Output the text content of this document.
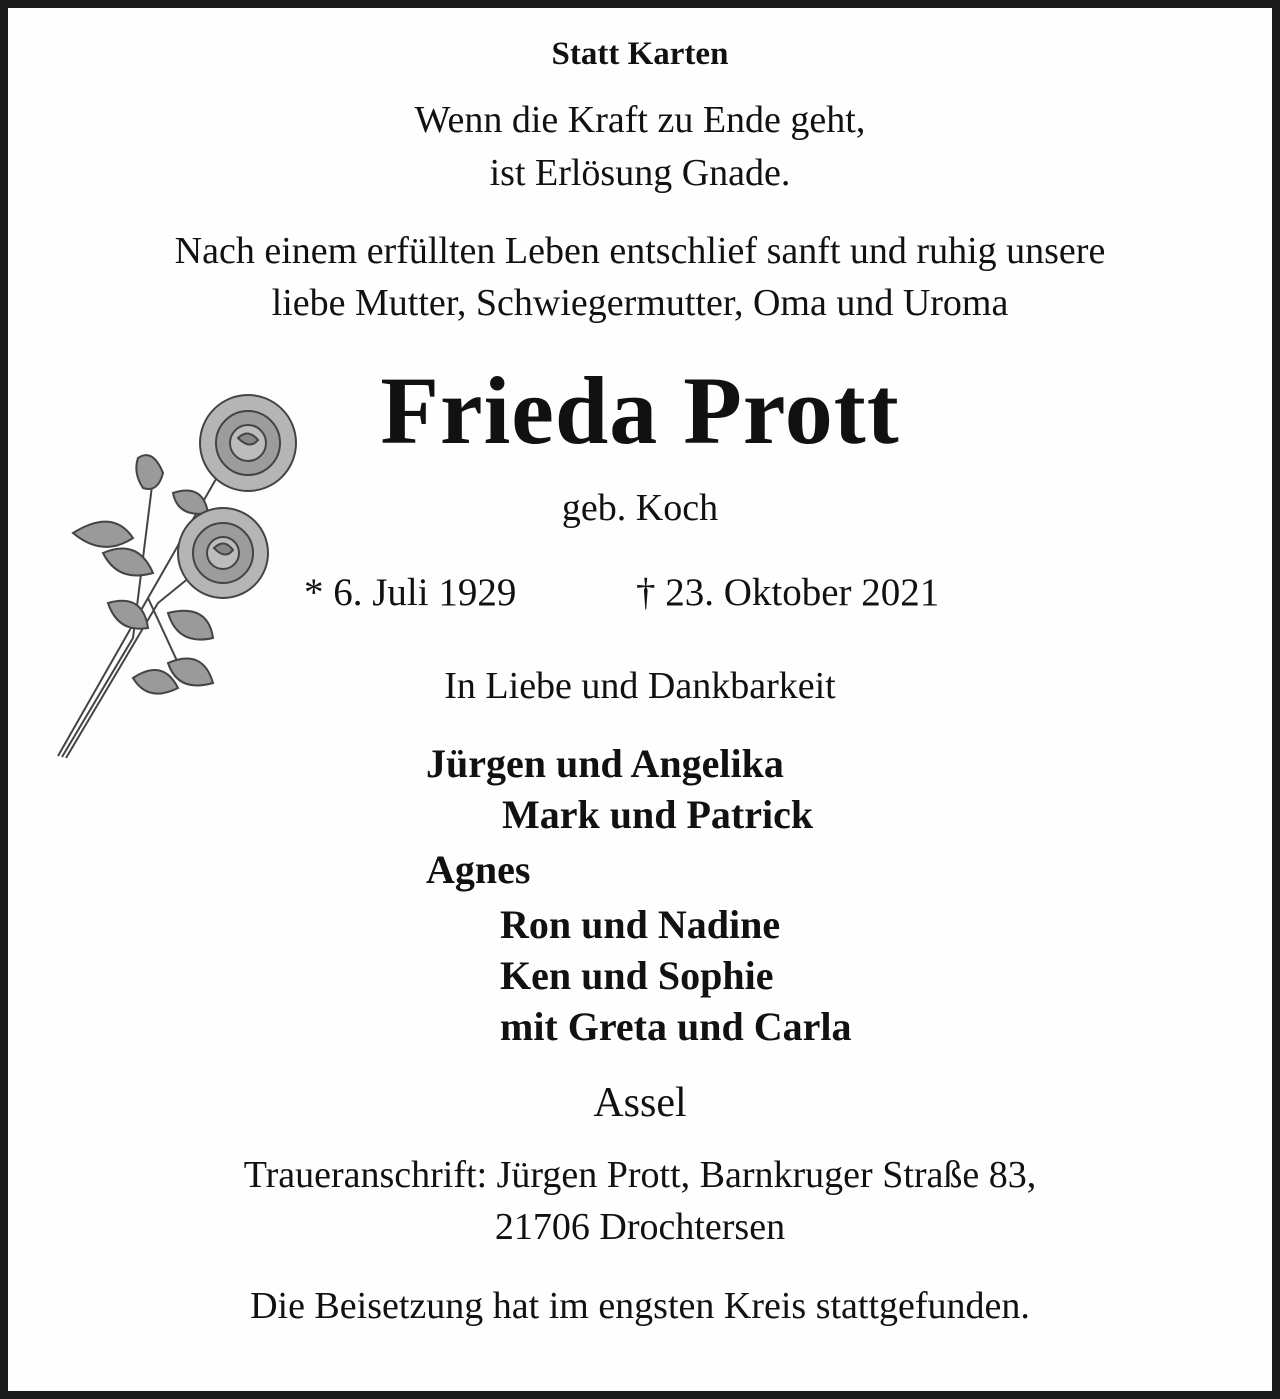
Statt Karten
Wenn die Kraft zu Ende geht,
ist Erlösung Gnade.
Nach einem erfüllten Leben entschlief sanft und ruhig unsere
liebe Mutter, Schwiegermutter, Oma und Uroma
Frieda Prott
geb. Koch
* 6. Juli 1929	† 23. Oktober 2021
In Liebe und Dankbarkeit
Jürgen und Angelika
Mark und Patrick
Agnes
Ron und Nadine
Ken und Sophie
mit Greta und Carla
Assel
Traueranschrift: Jürgen Prott, Barnkruger Straße 83,
21706 Drochtersen
Die Beisetzung hat im engsten Kreis stattgefunden.
